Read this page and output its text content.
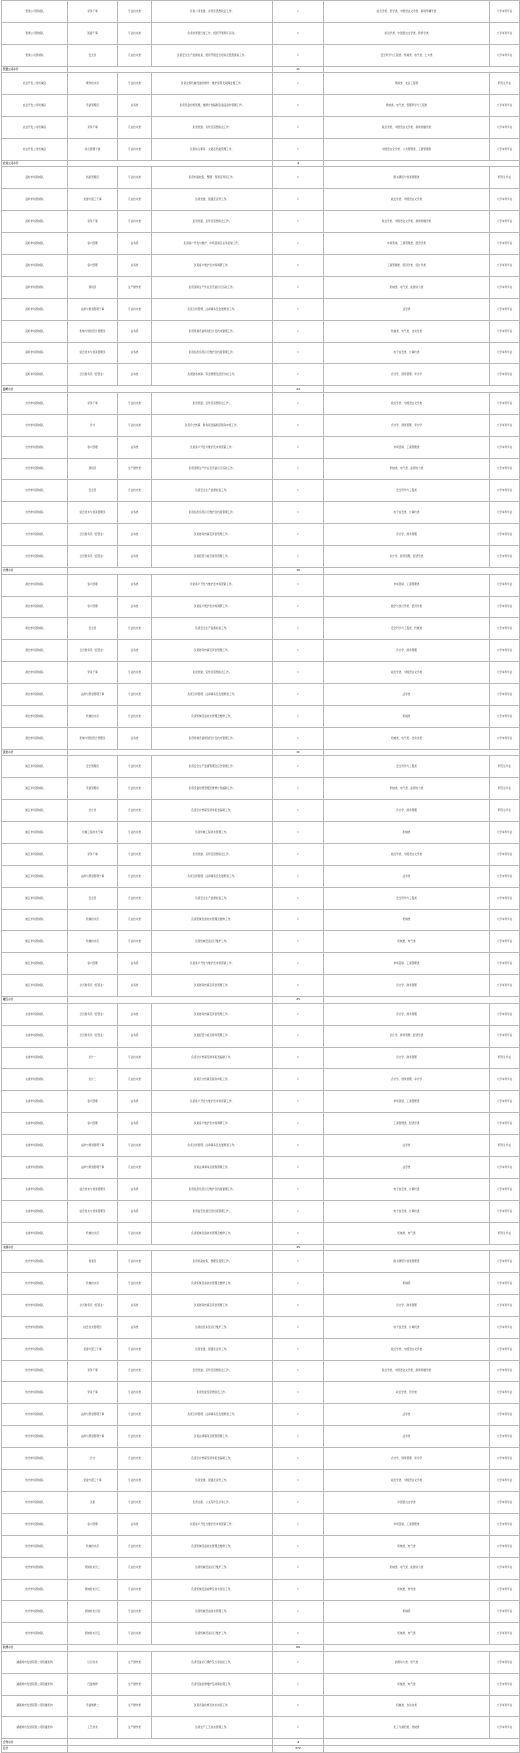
管道公司机械队	党务干事	专业技术类	负责公司党建、宣传及思想政治工作。	1	政治学类、哲学类、中国语言文学类、新闻传播学类	大学本科毕业
管道公司机械队	团委干事	专业技术类	负责共青团日常工作，组织开展青年活动。	1	政治学类、中国语言文学类、教育学类	大学本科毕业
管道公司机械队	安全员	专业技术类	负责安全生产监督检查，组织开展安全培训及隐患排查工作。	1	安全科学与工程类、机械类、电气类、土木类	大学本科毕业
管道公司小计				11		
农业开发公司机械队	操作技术员	专业技术类	负责农用机械设备的操作、维护保养及故障处理工作。	1	机械类、农业工程类	研究生毕业
农业开发公司机械队	设备管理员	业务类	负责设备台账管理、维修计划编制及备品备件管理工作。	1	机械类、电气类、管理科学与工程类	大学本科毕业
农业开发公司机械队	党务干事	专业技术类	负责党建、宣传及思想政治工作。	1	政治学类、中国语言文学类、新闻传播学类	大学本科毕业
农业开发公司机械队	综合管理干事	专业技术类	负责综合事务、文秘及档案管理工作。	1	中国语言文学类、公共管理类、工商管理类	大学本科毕业
农业公司小计				4		
温岭市场机械队	档案管理员	专业技术类	负责档案收集、整理、保管及利用工作。	1	图书情报与档案管理类	研究生毕业
温岭市场机械队	党建与团工干事	专业技术类	负责党建、团建及宣传工作。	1	政治学类、中国语言文学类	大学本科毕业
温岭市场机械队	党务干事	专业技术类	负责党建、宣传及思想政治工作。	1	政治学类、中国语言文学类、新闻传播学类	大学本科毕业
温岭市场机械队	客户经理	业务类	负责客户开发与维护、市场营销及业务拓展工作。	1	市场营销、工商管理类、经济学类	大学本科毕业
温岭市场机械队	客户经理	业务类	负责客户维护及市场调研工作。	1	工商管理类、经济学类、统计学类	大学本科毕业
温岭市场机械队	现场员	生产操作类	负责现场生产作业及设备运行巡检工作。	1	机械类、电气类、能源动力类	大学本科毕业
温岭市场机械队	法律与规划管理干事	专业技术类	负责合同管理、法律事务及发展规划工作。	1	法学类	大学本科毕业
温岭市场机械队	机械与规划设计管理员	业务类	负责机械设备规划设计及技术管理工作。	1	机械类、电气类、自动化类	大学本科毕业
温岭市场机械队	信息技术与档案管理员	业务类	负责信息系统运行维护及档案管理工作。	1	电子信息类、计算机类	大学本科毕业
温岭市场机械队	全员财务员（经营业）	业务类	负责财务核算、资金管理及经营分析工作。	1	会计学、财务管理、审计学	大学本科毕业
温岭小计				23		
台州市场机械队	党务干事	专业技术类	负责党建、宣传及思想政治工作。	1	政治学类、中国语言文学类	大学本科毕业
台州市场机械队	会计	专业技术类	负责会计核算、财务报表编制及税务申报工作。	1	会计学、财务管理、审计学	大学本科毕业
台州市场机械队	客户经理	业务类	负责客户开发与维护及市场营销工作。	1	市场营销、工商管理类	大学本科毕业
台州市场机械队	现场员	生产操作类	负责现场生产作业及设备运行巡检工作。	1	机械类、电气类、能源动力类	大学本科毕业
台州市场机械队	安全员	专业技术类	负责安全生产监督检查工作。	1	安全科学与工程类	大学本科毕业
台州市场机械队	信息技术与档案管理员	业务类	负责信息系统运行维护及档案管理工作。	1	电子信息类、计算机类	大学本科毕业
台州市场机械队	全员财务员（经营业）	业务类	负责财务核算及资金管理工作。	1	会计学、财务管理	大学本科毕业
台州市场机械队	全员财务员（经营业）	业务类	负责经营分析及财务管理工作。	1	会计学、财务管理、经济学类	大学本科毕业
台州小计				19		
黄岩市场机械队	客户经理	业务类	负责客户开发与维护及市场营销工作。	1	市场营销、工商管理类	大学本科毕业
黄岩市场机械队	客户经理	业务类	负责客户维护及市场调研工作。	1	数学与统计学类、经济学类	大学本科毕业
黄岩市场机械队	安全员	专业技术类	负责安全生产监督检查工作。	1	安全科学与工程类、机械类	大学本科毕业
黄岩市场机械队	全员财务员（经营业）	业务类	负责财务核算及资金管理工作。	1	会计学、财务管理	大学本科毕业
黄岩市场机械队	党务干事	专业技术类	负责党建、宣传及思想政治工作。	1	政治学类、中国语言文学类	大学本科毕业
黄岩市场机械队	法律与规划管理干事	专业技术类	负责合同管理、法律事务及发展规划工作。	1	法学类	大学本科毕业
黄岩市场机械队	机械技术员	专业技术类	负责机械设备技术管理及维修工作。	1	机械类	大学本科毕业
黄岩市场机械队	机械与规划设计管理员	业务类	负责机械设备规划设计及技术管理工作。	1	机械类、电气类、自动化类	大学本科毕业
黄岩小计				11		
椒江市场机械队	安全管理员	专业技术类	负责安全生产监督管理及应急管理工作。	1	安全科学与工程类	研究生毕业
椒江市场机械队	设备管理员	专业技术类	负责设备台账管理及维修计划编制工作。	1	机械类、电气类、能源动力类	研究生毕业
椒江市场机械队	会计员	专业技术类	负责会计核算及财务报表编制工作。	1	会计学、财务管理	研究生毕业
椒江市场机械队	机械工程技术干事	专业技术类	负责机械工程技术管理工作。	1	机械类	大学本科毕业
椒江市场机械队	党务干事	专业技术类	负责党建、宣传及思想政治工作。	1	政治学类、中国语言文学类	大学本科毕业
椒江市场机械队	法律与规划管理干事	专业技术类	负责合同管理、法律事务及发展规划工作。	1	法学类	大学本科毕业
椒江市场机械队	安全员	专业技术类	负责安全生产监督检查工作。	1	安全科学与工程类	大学本科毕业
椒江市场机械队	机械技术员	专业技术类	负责机械设备技术管理及维修工作。	1	机械类	大学本科毕业
椒江市场机械队	机械技术员	专业技术类	负责机械设备运行维护工作。	1	机械类、电气类	大学本科毕业
椒江市场机械队	客户经理	业务类	负责客户开发与维护及市场营销工作。	1	市场营销、工商管理类	大学本科毕业
椒江市场机械队	全员财务员（经营业）	业务类	负责财务核算及资金管理工作。	1	会计学、财务管理	大学本科毕业
椒江小计				25		
永康市场机械队	全员财务员（经营业）	业务类	负责财务核算及资金管理工作。	1	会计学、财务管理	大学本科毕业
永康市场机械队	全员财务员（经营业）	业务类	负责经营分析及财务管理工作。	1	会计学、财务管理、经济学类	大学本科毕业
永康市场机械队	会计一	专业技术类	负责会计核算及财务报表编制工作。	1	会计学、财务管理	研究生毕业
永康市场机械队	会计二	专业技术类	负责会计核算及税务申报工作。	1	会计学、财务管理、审计学	大学本科毕业
永康市场机械队	客户经理	业务类	负责客户开发与维护及市场营销工作。	1	市场营销、工商管理类	大学本科毕业
永康市场机械队	客户经理	业务类	负责客户维护及市场调研工作。	1	工商管理类、经济学类	大学本科毕业
永康市场机械队	法律与规划管理干事	专业技术类	负责合同管理、法律事务及发展规划工作。	1	法学类	研究生毕业
永康市场机械队	法律与规划管理干事	专业技术类	负责法律事务及规划管理工作。	1	法学类	大学本科毕业
永康市场机械队	信息技术与档案管理员	业务类	负责信息系统运行维护及档案管理工作。	1	电子信息类、计算机类	大学本科毕业
永康市场机械队	信息技术与档案管理员	业务类	负责信息化建设及档案管理工作。	1	电子信息类、计算机类	大学本科毕业
永康市场机械队	机械技术员	专业技术类	负责机械设备技术管理及维修工作。	1	机械类、电气类	研究生毕业
永康小计				35		
杭州市场机械队	档案员	专业技术类	负责档案收集、整理及保管工作。	1	图书情报与档案管理类	大学本科毕业
杭州市场机械队	机械技术员	专业技术类	负责机械设备技术管理及维修工作。	1	机械类	大学本科毕业
杭州市场机械队	全员财务员（经营业）	业务类	负责财务核算及资金管理工作。	1	会计学、财务管理	大学本科毕业
杭州市场机械队	信息技术管理员	业务类	负责信息系统运行维护工作。	1	电子信息类、计算机类	大学本科毕业
杭州市场机械队	党建与团工干事	专业技术类	负责党建、团建及宣传工作。	1	政治学类、中国语言文学类	大学本科毕业
杭州市场机械队	党务干事	专业技术类	负责党建、宣传及思想政治工作。	1	政治学类、中国语言文学类、新闻传播学类	大学本科毕业
杭州市场机械队	党务干事	专业技术类	负责党建及思想政治工作。	1	政治学类、哲学类	大学本科毕业
杭州市场机械队	法律与规划管理干事	专业技术类	负责合同管理、法律事务及发展规划工作。	1	法学类	大学本科毕业
杭州市场机械队	法律与规划管理干事	专业技术类	负责法律事务及规划管理工作。	1	法学类	大学本科毕业
杭州市场机械队	会计	专业技术类	负责会计核算及财务报表编制工作。	1	会计学、财务管理、审计学	大学本科毕业
杭州市场机械队	党建与团工干事	专业技术类	负责党建、团建及宣传工作。	1	政治学类、中国语言文学类	大学本科毕业
杭州市场机械队	文秘	专业技术类	负责文秘、公文写作及会务工作。	1	中国语言文学类	大学本科毕业
杭州市场机械队	客户经理	业务类	负责客户开发与维护及市场营销工作。	1	市场营销、工商管理类	大学本科毕业
杭州市场机械队	机械技术员	专业技术类	负责机械设备技术管理及维修工作。	1	机械类、电气类	大学本科毕业
杭州市场机械队	机械技术员二	专业技术类	负责机械设备运行维护工作。	1	机械类、电气类、能源动力类	大学本科毕业
杭州市场机械队	机械技术员三	专业技术类	负责机械设备检修及技术改造工作。	1	机械类、材料类	大学本科毕业
杭州市场机械队	机械技术员四	专业技术类	负责机械设备技术管理工作。	1	机械类	大学本科毕业
杭州市场机械队	机械技术员五	专业技术类	负责机械设备运行维护工作。	1	机械类、电气类	大学本科毕业
杭州小计				69		
湖嘉城市发展有限公司附属机构	运行技术	生产操作类	负责设备运行操作及日常巡检工作。	1	能源动力类、电气类	大学本科毕业
湖嘉城市发展有限公司附属机构	设备维修	生产操作类	负责设备检修维护及故障处理工作。	1	机械类、电气类	大学本科毕业
湖嘉城市发展有限公司附属机构	设备维修二	生产操作类	负责设备检修及技术改造工作。	1	机械类、自动化类	大学本科毕业
湖嘉城市发展有限公司附属机构	工艺技术	生产操作类	负责生产工艺技术管理工作。	1	化工与制药类、机械类	大学本科毕业
合作小计				4		
总计				272		
